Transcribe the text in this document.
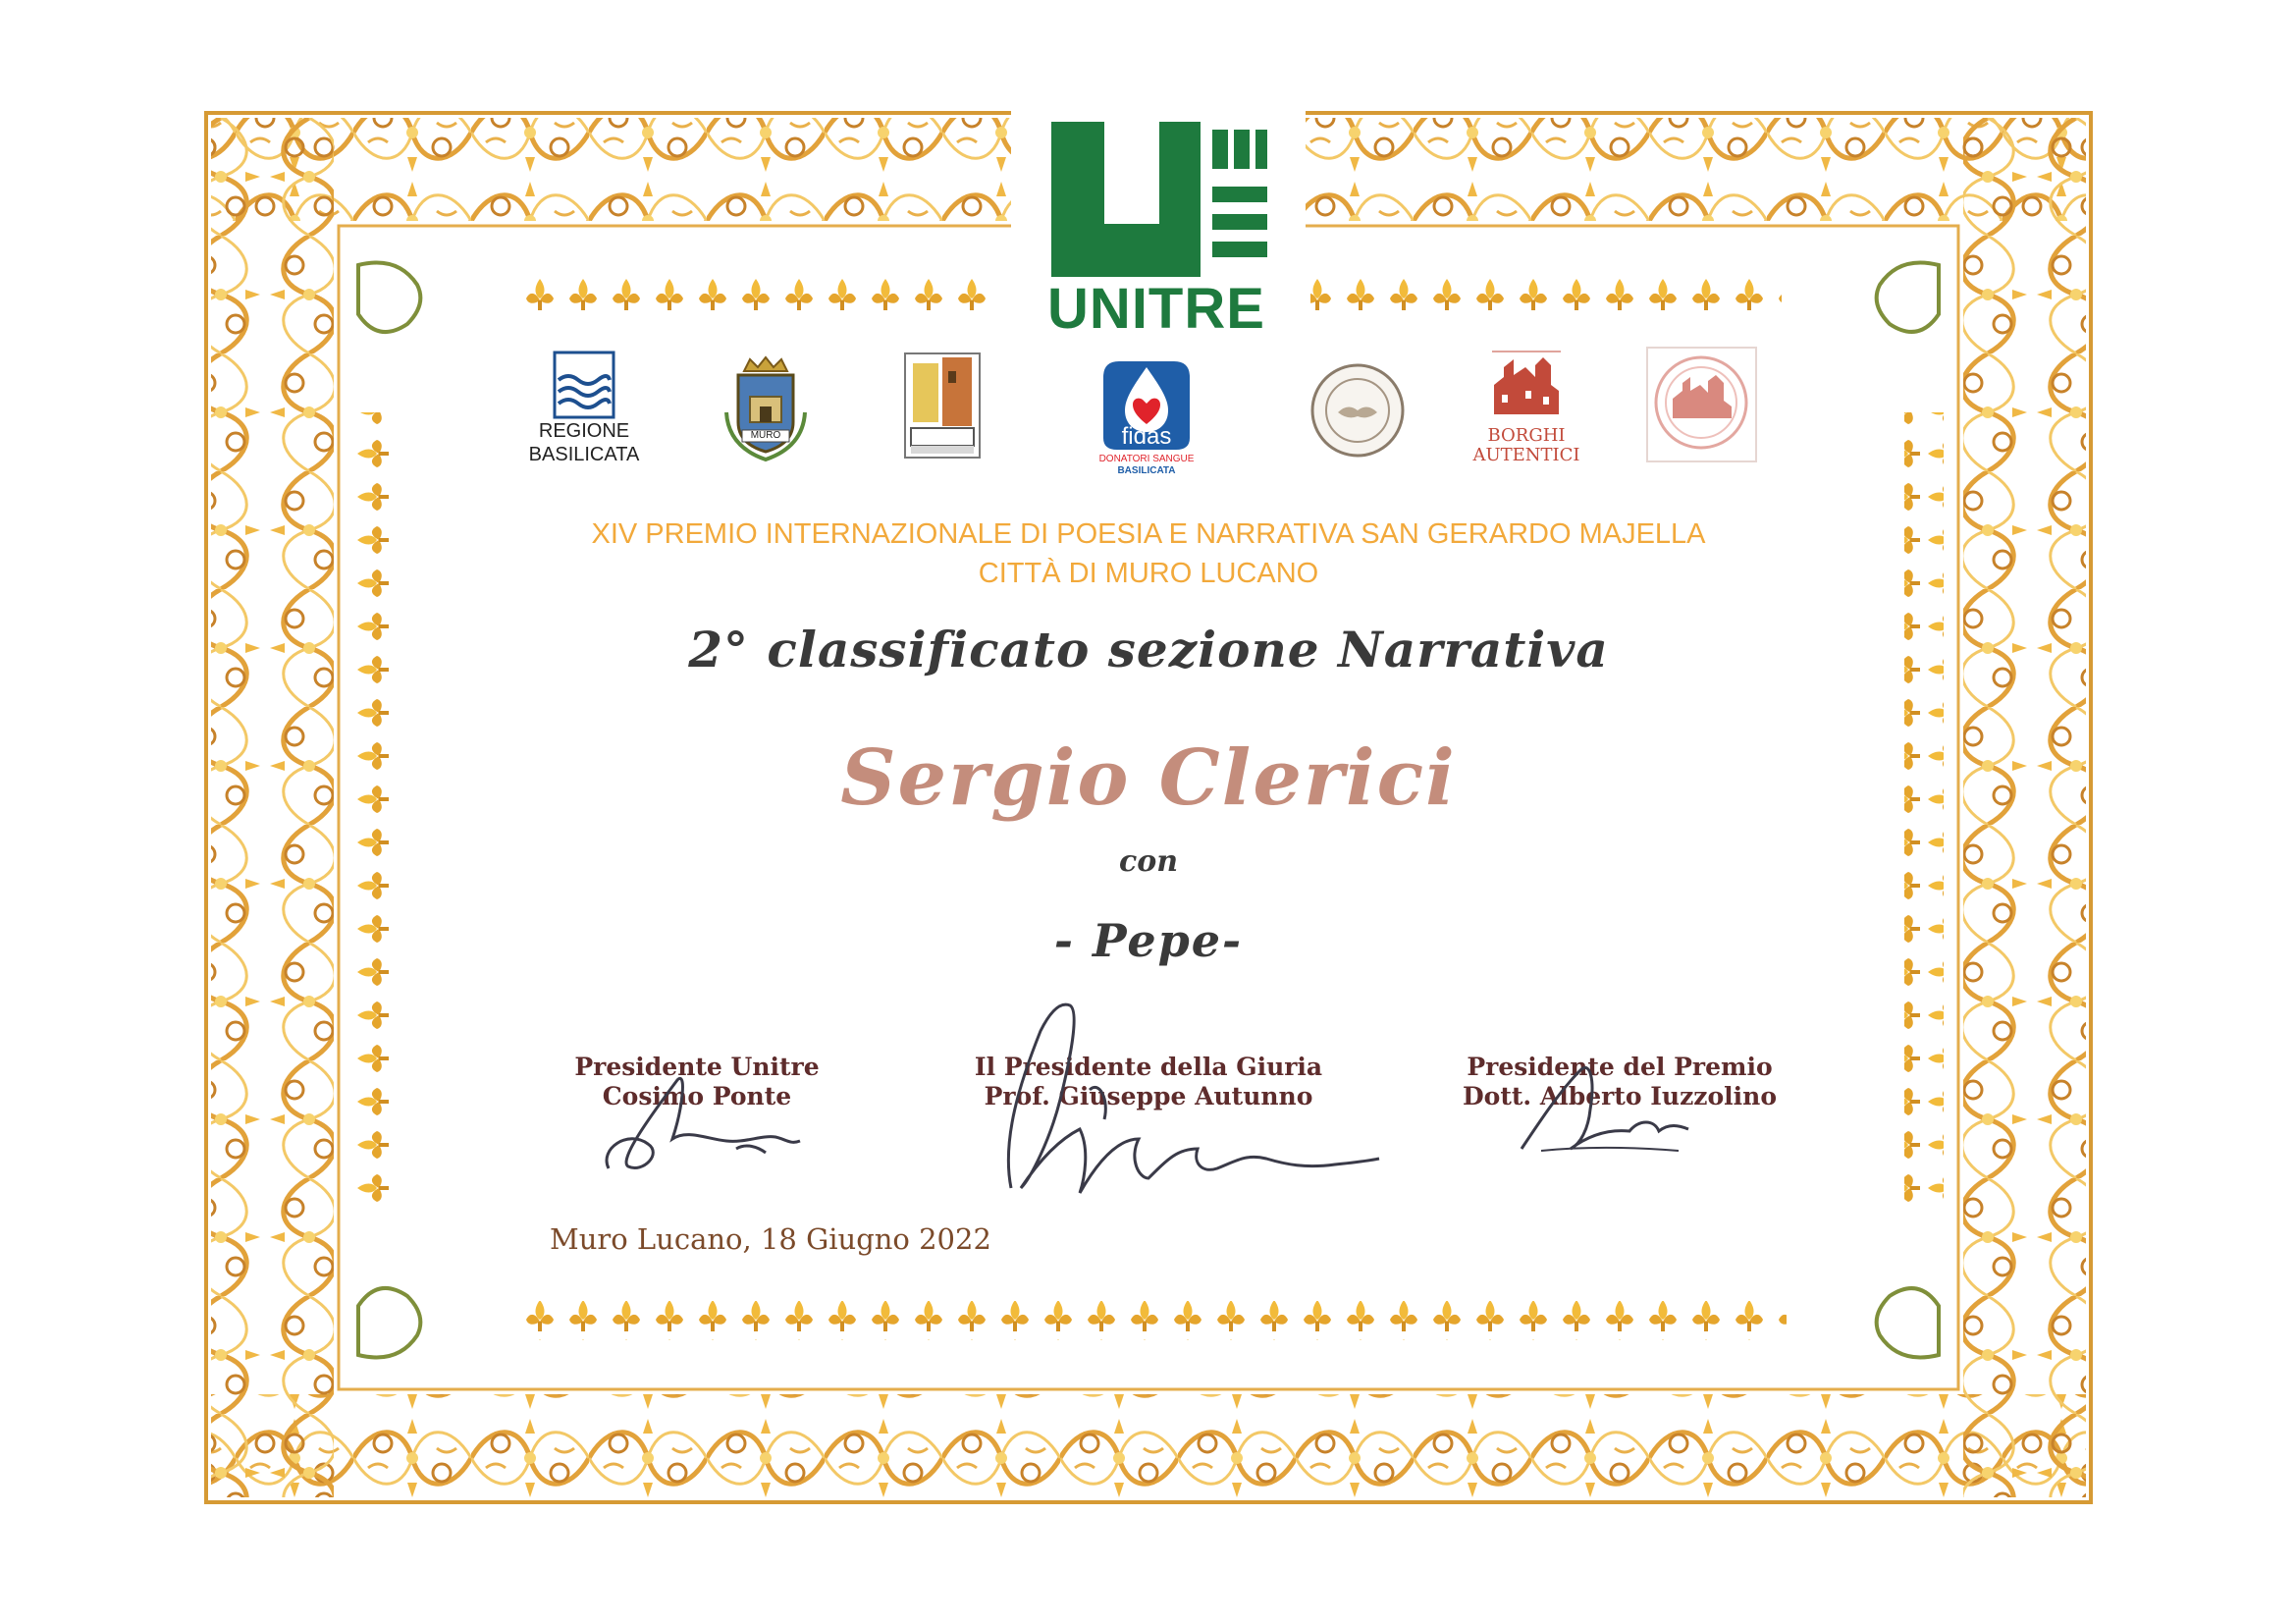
UNITRE
REGIONE
BASILICATA
MURO	fidas
DONATORI SANGUE
BASILICATA
BORGHI
AUTENTICI
XIV PREMIO INTERNAZIONALE DI POESIA E NARRATIVA SAN GERARDO MAJELLA
CITTÀ DI MURO LUCANO
2° classificato sezione Narrativa
Sergio Clerici
con
- Pepe-
Presidente Unitre
Cosimo Ponte
Il Presidente della Giuria
Prof. Giuseppe Autunno
Presidente del Premio
Dott. Alberto Iuzzolino
Muro Lucano, 18 Giugno 2022
